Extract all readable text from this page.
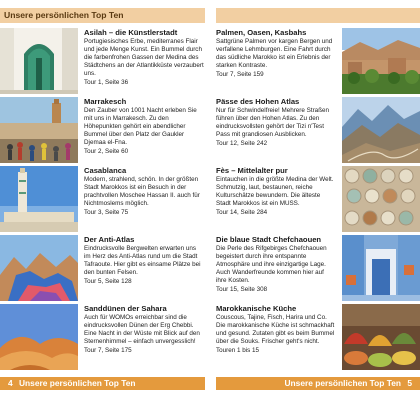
Unsere persönlichen Top Ten
Asilah – die Künstlerstadt
Portugiesisches Erbe, mediterranes Flair und jede Menge Kunst. Ein Bummel durch die farbenfrohen Gassen der Medina des Städtchens an der Atlantikküste verzaubert uns.
Tour 1, Seite 36
Marrakesch
Den Zauber von 1001 Nacht erleben Sie mit uns in Marrakesch. Zu den Höhepunkten gehört ein abendlicher Bummel über den Platz der Gaukler Djemaa el-Fna.
Tour 2, Seite 60
Casablanca
Modern, strahlend, schön. In der größten Stadt Marokkos ist ein Besuch in der prachtvollen Moschee Hassan II. auch für Nichtmoslems möglich.
Tour 3, Seite 75
Der Anti-Atlas
Eindrucksvolle Bergwelten erwarten uns im Herz des Anti-Atlas rund um die Stadt Tafraoute. Hier gibt es einsame Plätze bei den bunten Felsen.
Tour 5, Seite 128
Sanddünen der Sahara
Auch für WOMOs erreichbar sind die eindrucksvollen Dünen der Erg Chebbi. Eine Nacht in der Wüste mit Blick auf den Sternenhimmel – einfach unvergesslich!
Tour 7, Seite 175
4 Unsere persönlichen Top Ten
Palmen, Oasen, Kasbahs
Sattgrüne Palmen vor kargen Bergen und verfallene Lehmburgen. Eine Fahrt durch das südliche Marokko ist ein Erlebnis der starken Kontraste.
Tour 7, Seite 159
Pässe des Hohen Atlas
Nur für Schwindelfreie! Mehrere Straßen führen über den Hohen Atlas. Zu den eindrucksvollsten gehört der Tizi n'Test Pass mit grandiosen Ausblicken.
Tour 12, Seite 242
Fès – Mittelalter pur
Eintauchen in die größte Medina der Welt. Schmutzig, laut, bestaunen, reiche Kulturschätze bewundern. Die älteste Stadt Marokkos ist ein MUSS.
Tour 14, Seite 284
Die blaue Stadt Chefchaouen
Die Perle des Rifgebirges Chefchaouen begeistert durch ihre entspannte Atmosphäre und ihre einzigartige Lage. Auch Wanderfreunde kommen hier auf ihre Kosten.
Tour 15, Seite 308
Marokkanische Küche
Couscous, Tajine, Fisch, Harira und Co. Die marokkanische Küche ist schmackhaft und gesund. Zutaten gibt es beim Bummel über die Souks. Frischer geht's nicht.
Touren 1 bis 15
Unsere persönlichen Top Ten 5
